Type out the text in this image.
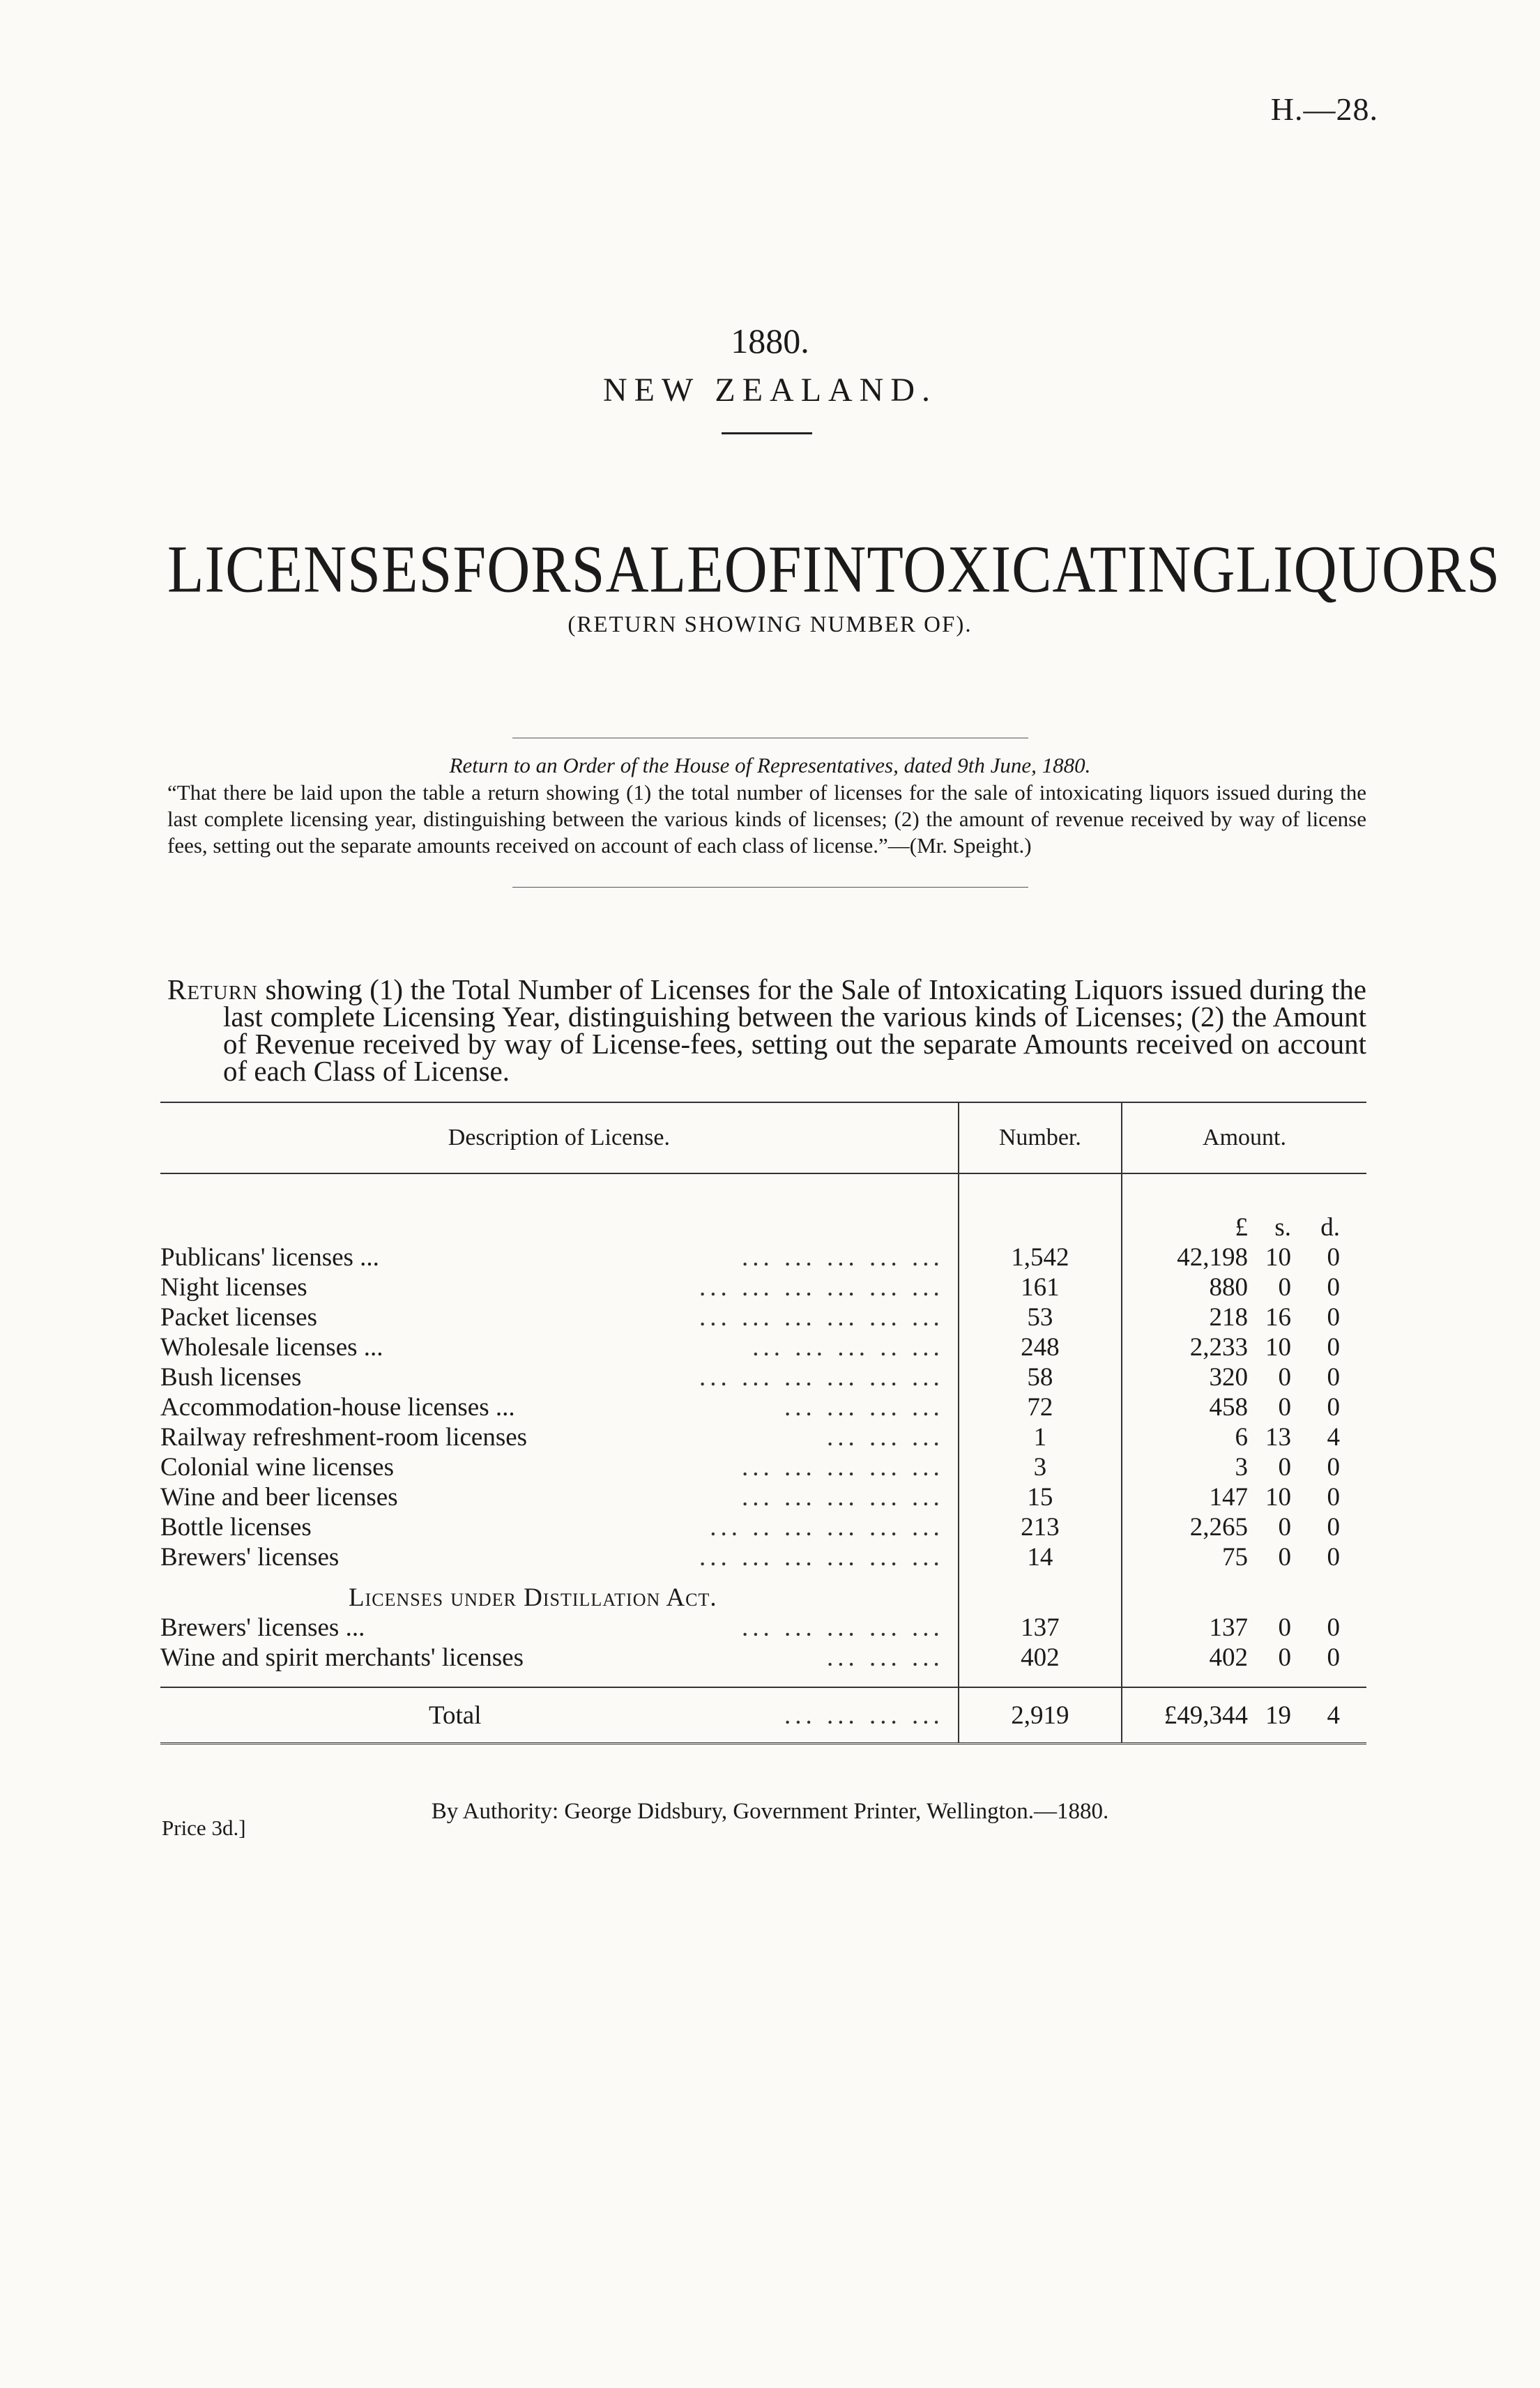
H.—28.
1880.
NEW ZEALAND.
LICENSES FOR SALE OF INTOXICATING LIQUORS
(RETURN SHOWING NUMBER OF).
Return to an Order of the House of Representatives, dated 9th June, 1880.
“That there be laid upon the table a return showing (1) the total number of licenses for the sale of intoxicating liquors issued during the last complete licensing year, distinguishing between the various kinds of licenses; (2) the amount of revenue received by way of license fees, setting out the separate amounts received on account of each class of license.”—(Mr. Speight.)
Return showing (1) the Total Number of Licenses for the Sale of Intoxicating Liquors issued during the last complete Licensing Year, distinguishing between the various kinds of Licenses; (2) the Amount of Revenue received by way of License-fees, setting out the separate Amounts received on account of each Class of License.
Description of License.	Number.	Amount.

		£ s. d.

Publicans' licenses ... ... ... ... ... ...	1,542	42,198 10 0

Night licenses ... ... ... ... ... ...	161	880 0 0

Packet licenses ... ... ... ... ... ...	53	218 16 0

Wholesale licenses ... ... ... ... .. ...	248	2,233 10 0

Bush licenses ... ... ... ... ... ...	58	320 0 0

Accommodation-house licenses ... ... ... ... ...	72	458 0 0

Railway refreshment-room licenses ... ... ...	1	6 13 4

Colonial wine licenses ... ... ... ... ...	3	3 0 0

Wine and beer licenses ... ... ... ... ...	15	147 10 0

Bottle licenses ... .. ... ... ... ...	213	2,265 0 0

Brewers' licenses ... ... ... ... ... ...	14	75 0 0

Licenses under Distillation Act.		

Brewers' licenses ... ... ... ... ... ...	137	137 0 0

Wine and spirit merchants' licenses ... ... ...	402	402 0 0

Total ... ... ... ...	2,919	£49,344 19 4
By Authority: George Didsbury, Government Printer, Wellington.—1880.
Price 3d.]
